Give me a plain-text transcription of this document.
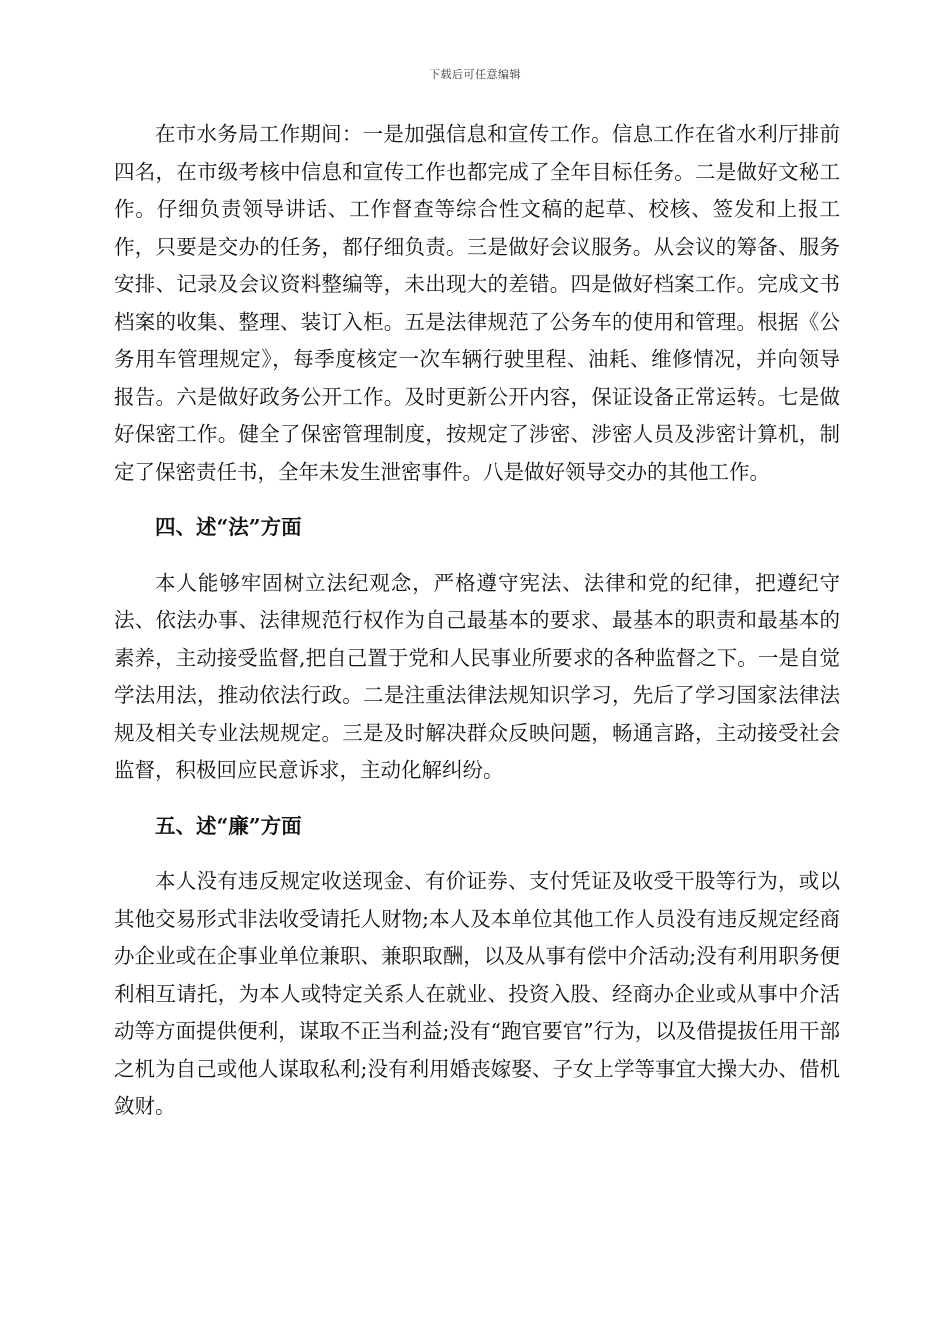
下载后可任意编辑

在市水务局工作期间：一是加强信息和宣传工作。信息工作在省水利厅排前四名，在市级考核中信息和宣传工作也都完成了全年目标任务。二是做好文秘工作。仔细负责领导讲话、工作督查等综合性文稿的起草、校核、签发和上报工作，只要是交办的任务，都仔细负责。三是做好会议服务。从会议的筹备、服务安排、记录及会议资料整编等，未出现大的差错。四是做好档案工作。完成文书档案的收集、整理、装订入柜。五是法律规范了公务车的使用和管理。根据《公务用车管理规定》，每季度核定一次车辆行驶里程、油耗、维修情况，并向领导报告。六是做好政务公开工作。及时更新公开内容，保证设备正常运转。七是做好保密工作。健全了保密管理制度，按规定了涉密、涉密人员及涉密计算机，制定了保密责任书，全年未发生泄密事件。八是做好领导交办的其他工作。

四、述“法”方面

本人能够牢固树立法纪观念，严格遵守宪法、法律和党的纪律，把遵纪守法、依法办事、法律规范行权作为自己最基本的要求、最基本的职责和最基本的素养，主动接受监督,把自己置于党和人民事业所要求的各种监督之下。一是自觉学法用法，推动依法行政。二是注重法律法规知识学习，先后了学习国家法律法规及相关专业法规规定。三是及时解决群众反映问题，畅通言路，主动接受社会监督，积极回应民意诉求，主动化解纠纷。

五、述“廉”方面

本人没有违反规定收送现金、有价证券、支付凭证及收受干股等行为，或以其他交易形式非法收受请托人财物;本人及本单位其他工作人员没有违反规定经商办企业或在企事业单位兼职、兼职取酬，以及从事有偿中介活动;没有利用职务便利相互请托，为本人或特定关系人在就业、投资入股、经商办企业或从事中介活动等方面提供便利，谋取不正当利益;没有“跑官要官”行为，以及借提拔任用干部之机为自己或他人谋取私利;没有利用婚丧嫁娶、子女上学等事宜大操大办、借机敛财。
